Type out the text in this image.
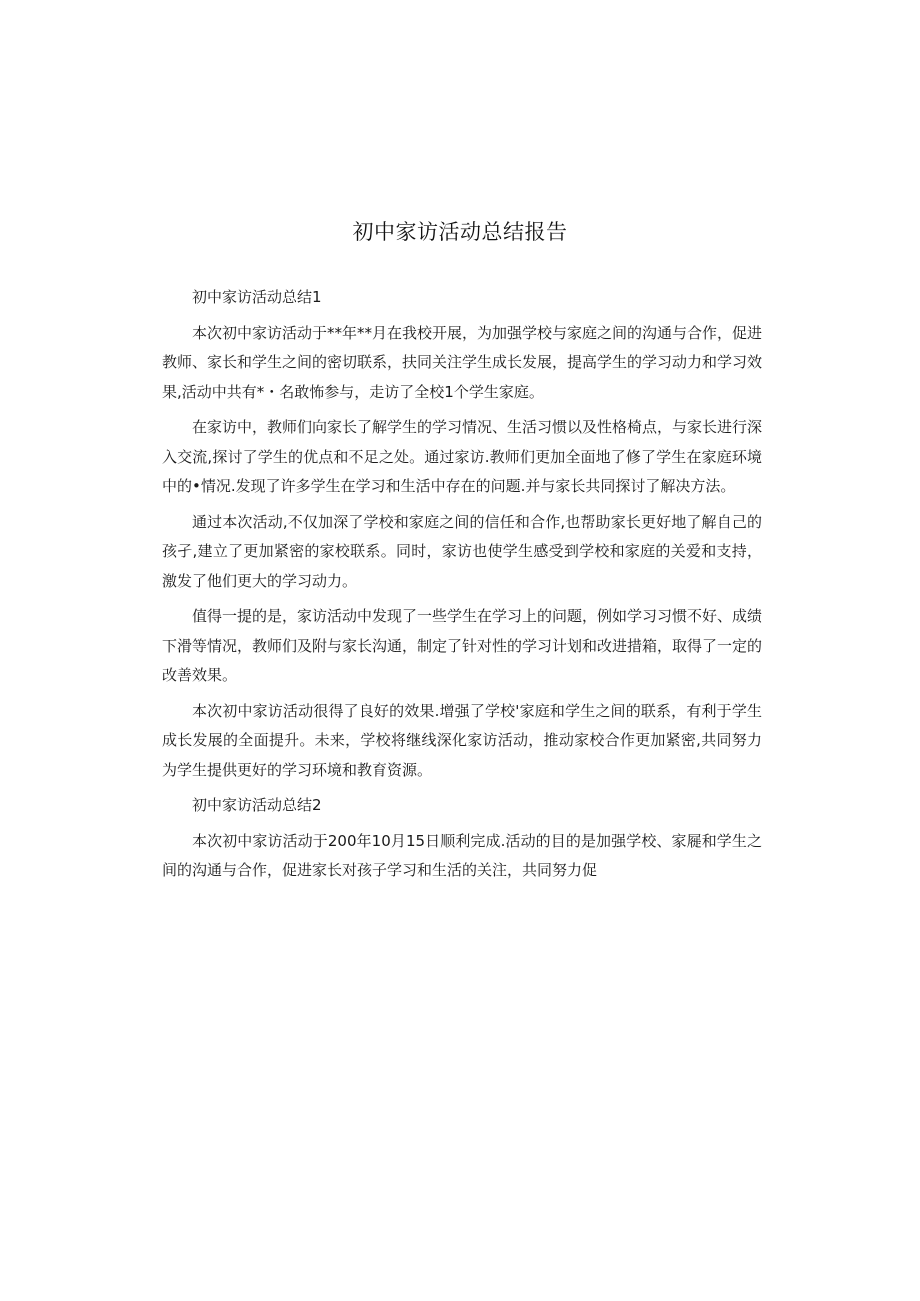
初中家访活动总结报告

初中家访活动总结1

本次初中家访活动于**年**月在我校开展，为加强学校与家庭之间的沟通与合作，促进教师、家长和学生之间的密切联系，扶同关注学生成长发展，提高学生的学习动力和学习效果,活动中共有*・名敢怖参与，走访了全校1个学生家庭。

在家访中，教师们向家长了解学生的学习情况、生活习惯以及性格椅点，与家长进行深入交流,探讨了学生的优点和不足之处。通过家访.教师们更加全面地了修了学生在家庭环境中的•情况.发现了许多学生在学习和生活中存在的问题.并与家长共同探讨了解决方法。

通过本次活动,不仅加深了学校和家庭之间的信任和合作,也帮助家长更好地了解自己的孩孑,建立了更加紧密的家校联系。同时，家访也使学生感受到学校和家庭的关爱和支持，激发了他们更大的学习动力。

值得一提的是，家访活动中发现了一些学生在学习上的问题，例如学习习惯不好、成绩下滑等情况，教师们及附与家长沟通，制定了针对性的学习计划和改进措箱，取得了一定的改善效果。

本次初中家访活动很得了良好的效果.增强了学校'家庭和学生之间的联系，有利于学生成长发展的全面提升。未来，学校将继线深化家访活动，推动家校合作更加紧密,共同努力为学生提供更好的学习环境和教育资源。

初中家访活动总结2

本次初中家访活动于200年10月15日顺利完成.活动的目的是加强学校、家屣和学生之间的沟通与合作，促进家长对孩子学习和生活的关注，共同努力促
